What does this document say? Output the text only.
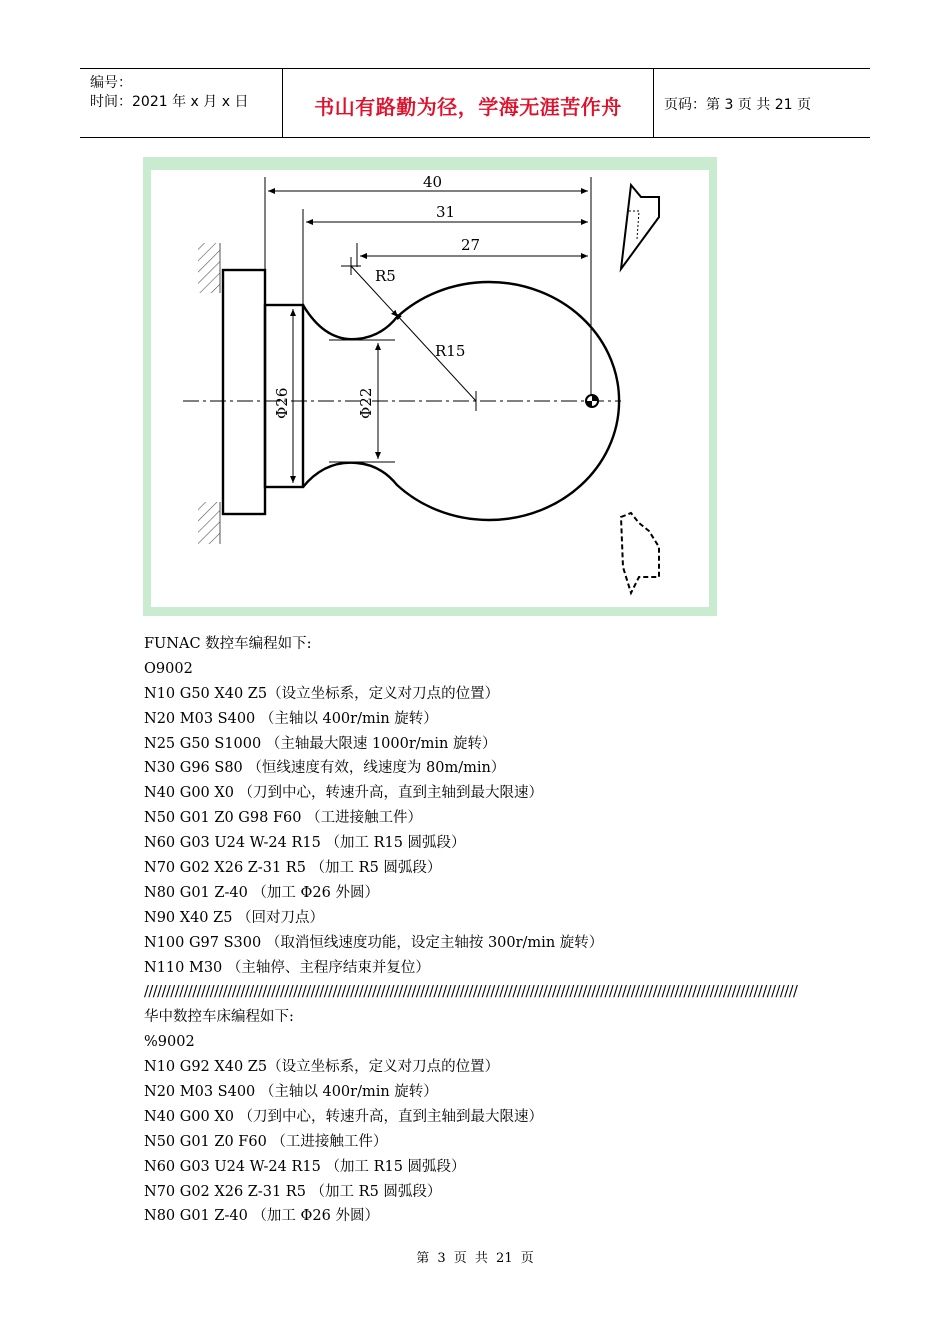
编号：
时间：2021 年 x 月 x 日	书山有路勤为径，学海无涯苦作舟	页码：第 3 页 共 21 页
Φ22
Φ26
40
31
27
R5
R15
FUNAC 数控车编程如下:
O9002
N10 G50 X40 Z5（设立坐标系，定义对刀点的位置）
N20 M03 S400 （主轴以 400r/min 旋转）
N25 G50 S1000 （主轴最大限速 1000r/min 旋转）
N30 G96 S80 （恒线速度有效，线速度为 80m/min）
N40 G00 X0 （刀到中心，转速升高，直到主轴到最大限速）
N50 G01 Z0 G98 F60 （工进接触工件）
N60 G03 U24 W-24 R15 （加工 R15 圆弧段）
N70 G02 X26 Z-31 R5 （加工 R5 圆弧段）
N80 G01 Z-40 （加工 Φ26 外圆）
N90 X40 Z5 （回对刀点）
N100 G97 S300 （取消恒线速度功能，设定主轴按 300r/min 旋转）
N110 M30 （主轴停、主程序结束并复位）
/////////////////////////////////////////////////////////////////////////////////////////////////////////////////////////////////////////////////////
华中数控车床编程如下:
%9002
N10 G92 X40 Z5（设立坐标系，定义对刀点的位置）
N20 M03 S400 （主轴以 400r/min 旋转）
N40 G00 X0 （刀到中心，转速升高，直到主轴到最大限速）
N50 G01 Z0 F60 （工进接触工件）
N60 G03 U24 W-24 R15 （加工 R15 圆弧段）
N70 G02 X26 Z-31 R5 （加工 R5 圆弧段）
N80 G01 Z-40 （加工 Φ26 外圆）
第 3 页 共 21 页
